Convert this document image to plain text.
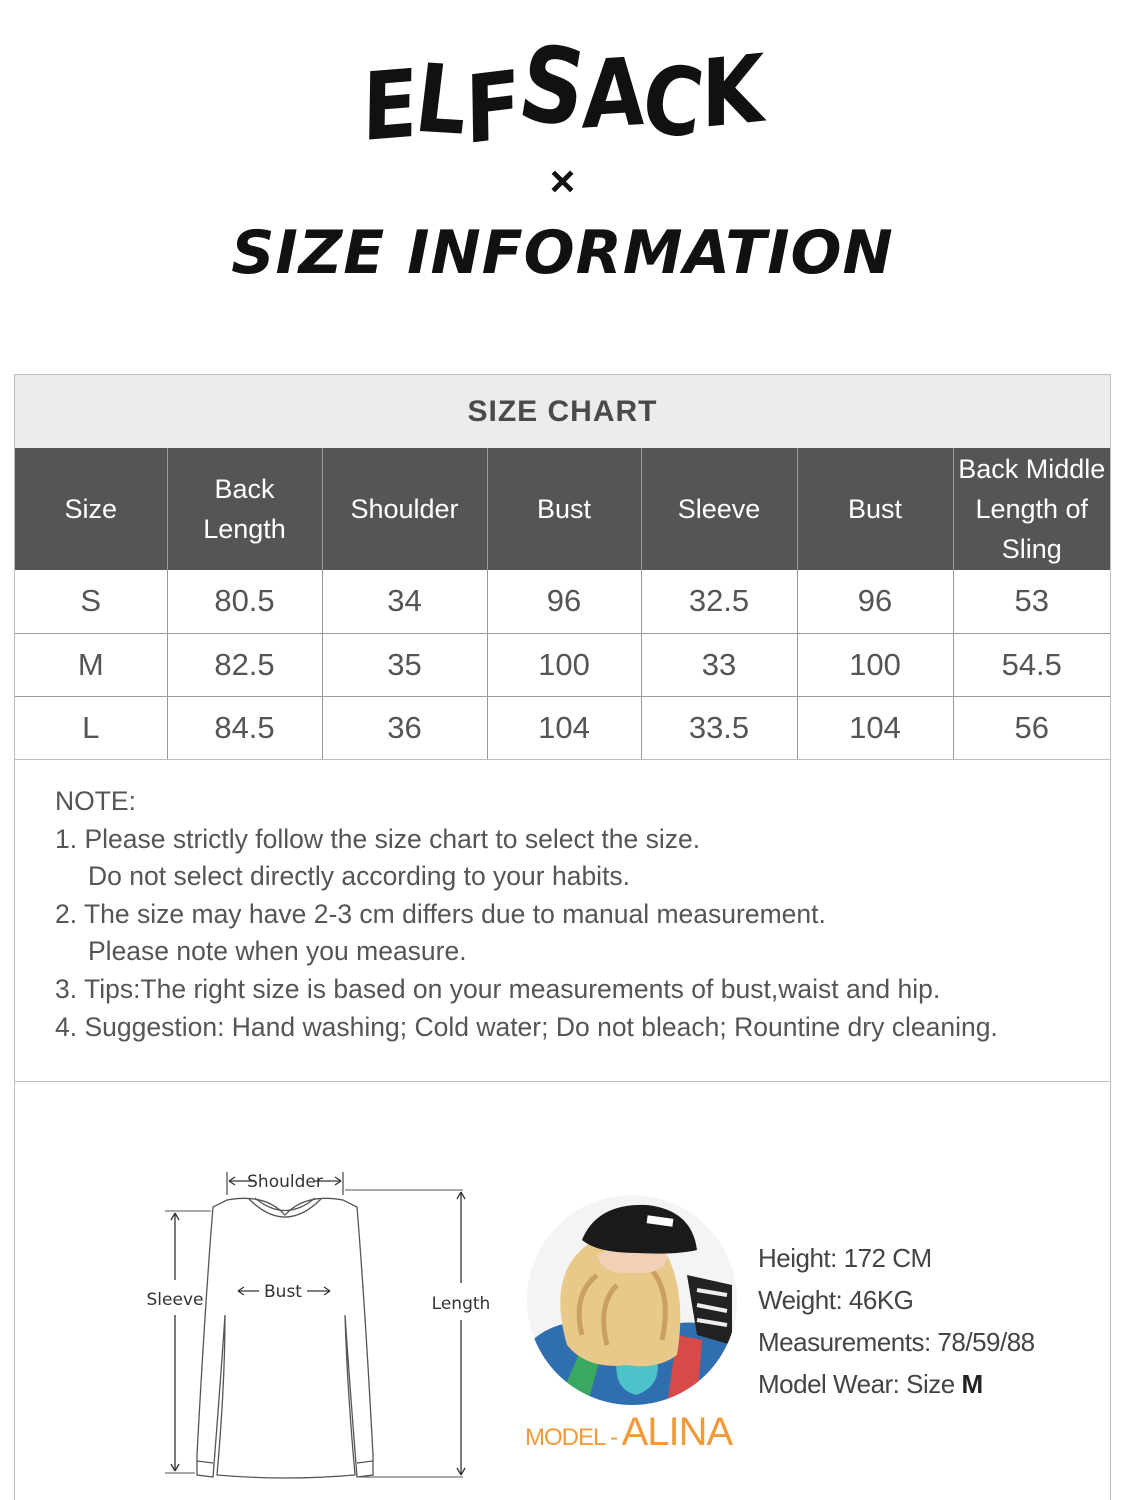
ELFSACK
×
SIZE INFORMATION
SIZE CHART
Size	Back Length	Shoulder	Bust	Sleeve	Bust	Back Middle Length of Sling
S	80.5	34	96	32.5	96	53
M	82.5	35	100	33	100	54.5
L	84.5	36	104	33.5	104	56
NOTE:
1. Please strictly follow the size chart to select the size.
Do not select directly according to your habits.
2. The size may have 2-3 cm differs due to manual measurement.
Please note when you measure.
3. Tips:The right size is based on your measurements of bust,waist and hip.
4. Suggestion: Hand washing; Cold water; Do not bleach; Rountine dry cleaning.
Shoulder
Bust
Sleeve	Length
MODEL - ALINA
Height: 172 CM
Weight: 46KG
Measurements: 78/59/88
Model Wear: Size M
